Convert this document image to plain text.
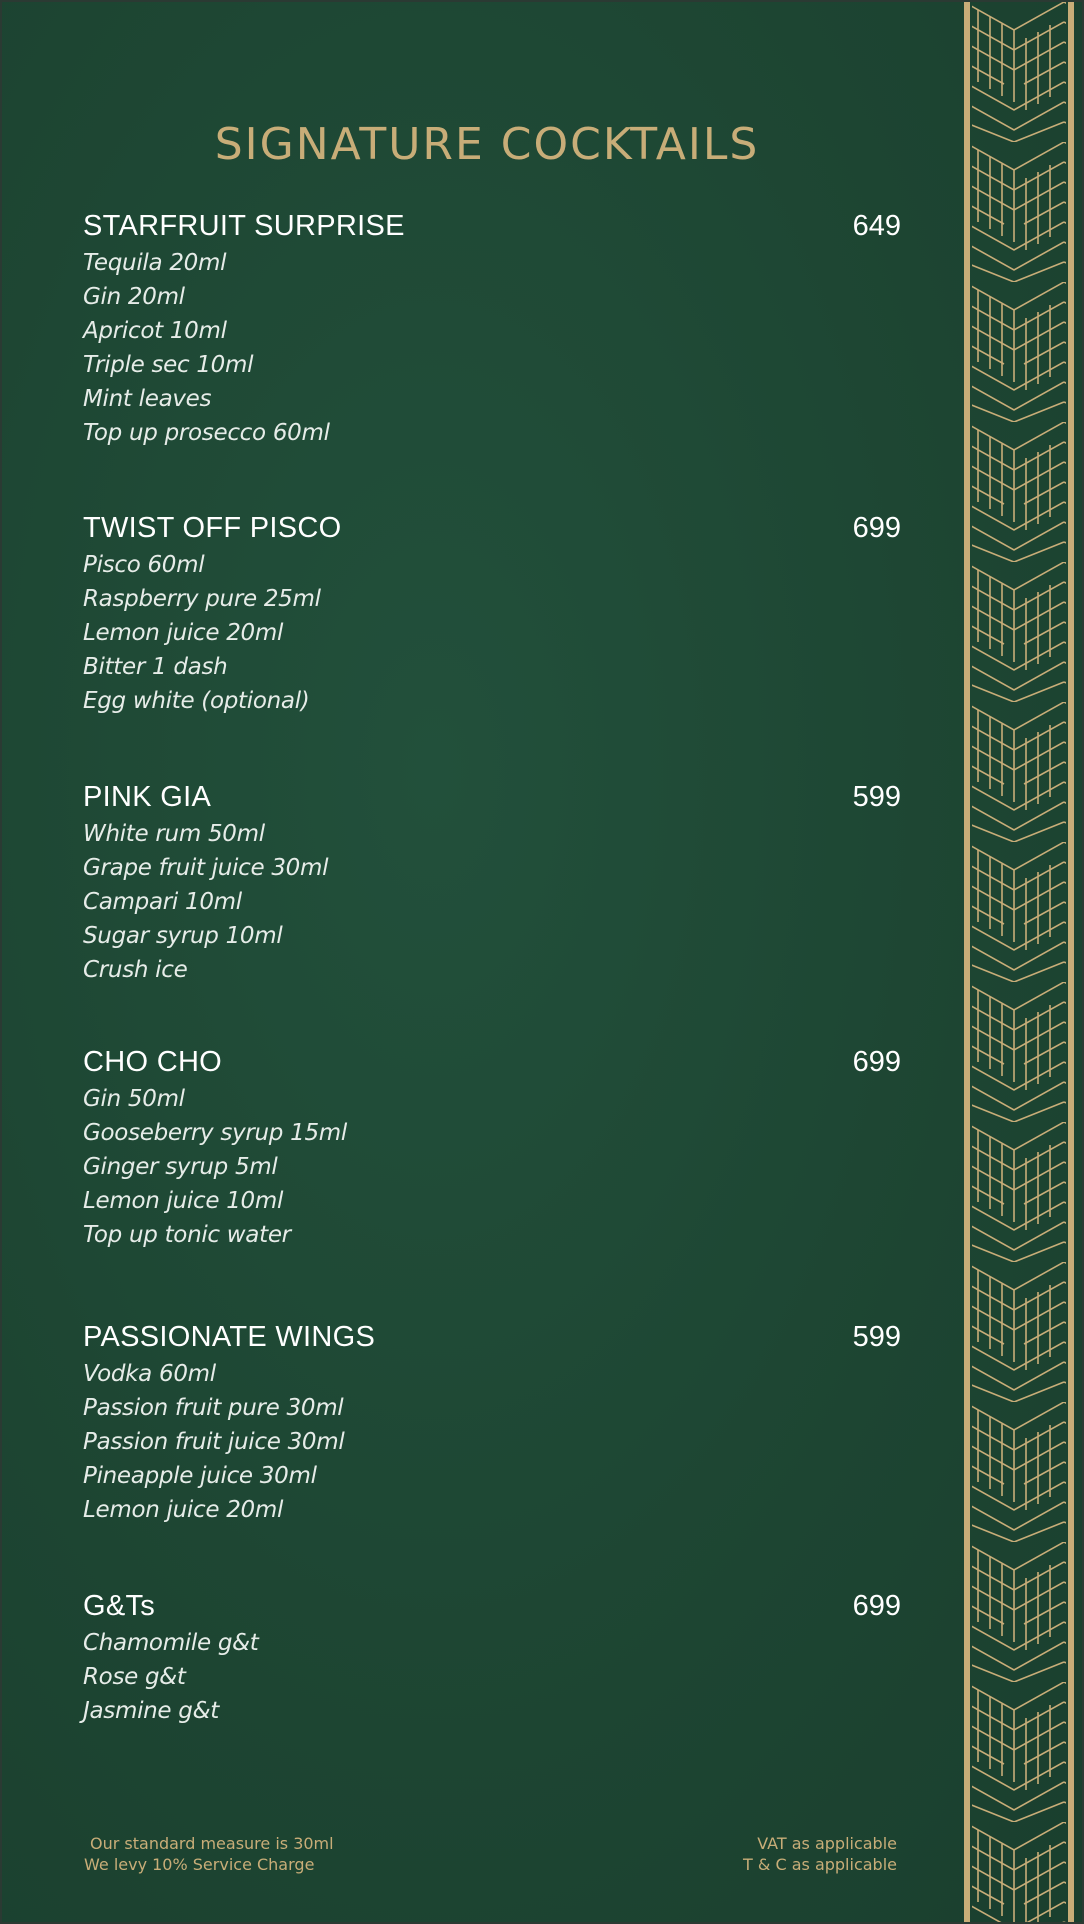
SIGNATURE COCKTAILS
STARFRUIT SURPRISE	649
Tequila 20ml
Gin 20ml
Apricot 10ml
Triple sec 10ml
Mint leaves
Top up prosecco 60ml
TWIST OFF PISCO	699
Pisco 60ml
Raspberry pure 25ml
Lemon juice 20ml
Bitter 1 dash
Egg white (optional)
PINK GIA	599
White rum 50ml
Grape fruit juice 30ml
Campari 10ml
Sugar syrup 10ml
Crush ice
CHO CHO	699
Gin 50ml
Gooseberry syrup 15ml
Ginger syrup 5ml
Lemon juice 10ml
Top up tonic water
PASSIONATE WINGS	599
Vodka 60ml
Passion fruit pure 30ml
Passion fruit juice 30ml
Pineapple juice 30ml
Lemon juice 20ml
G&Ts	699
Chamomile g&t
Rose g&t
Jasmine g&t
Our standard measure is 30ml
We levy 10% Service Charge
VAT as applicable
T & C as applicable
